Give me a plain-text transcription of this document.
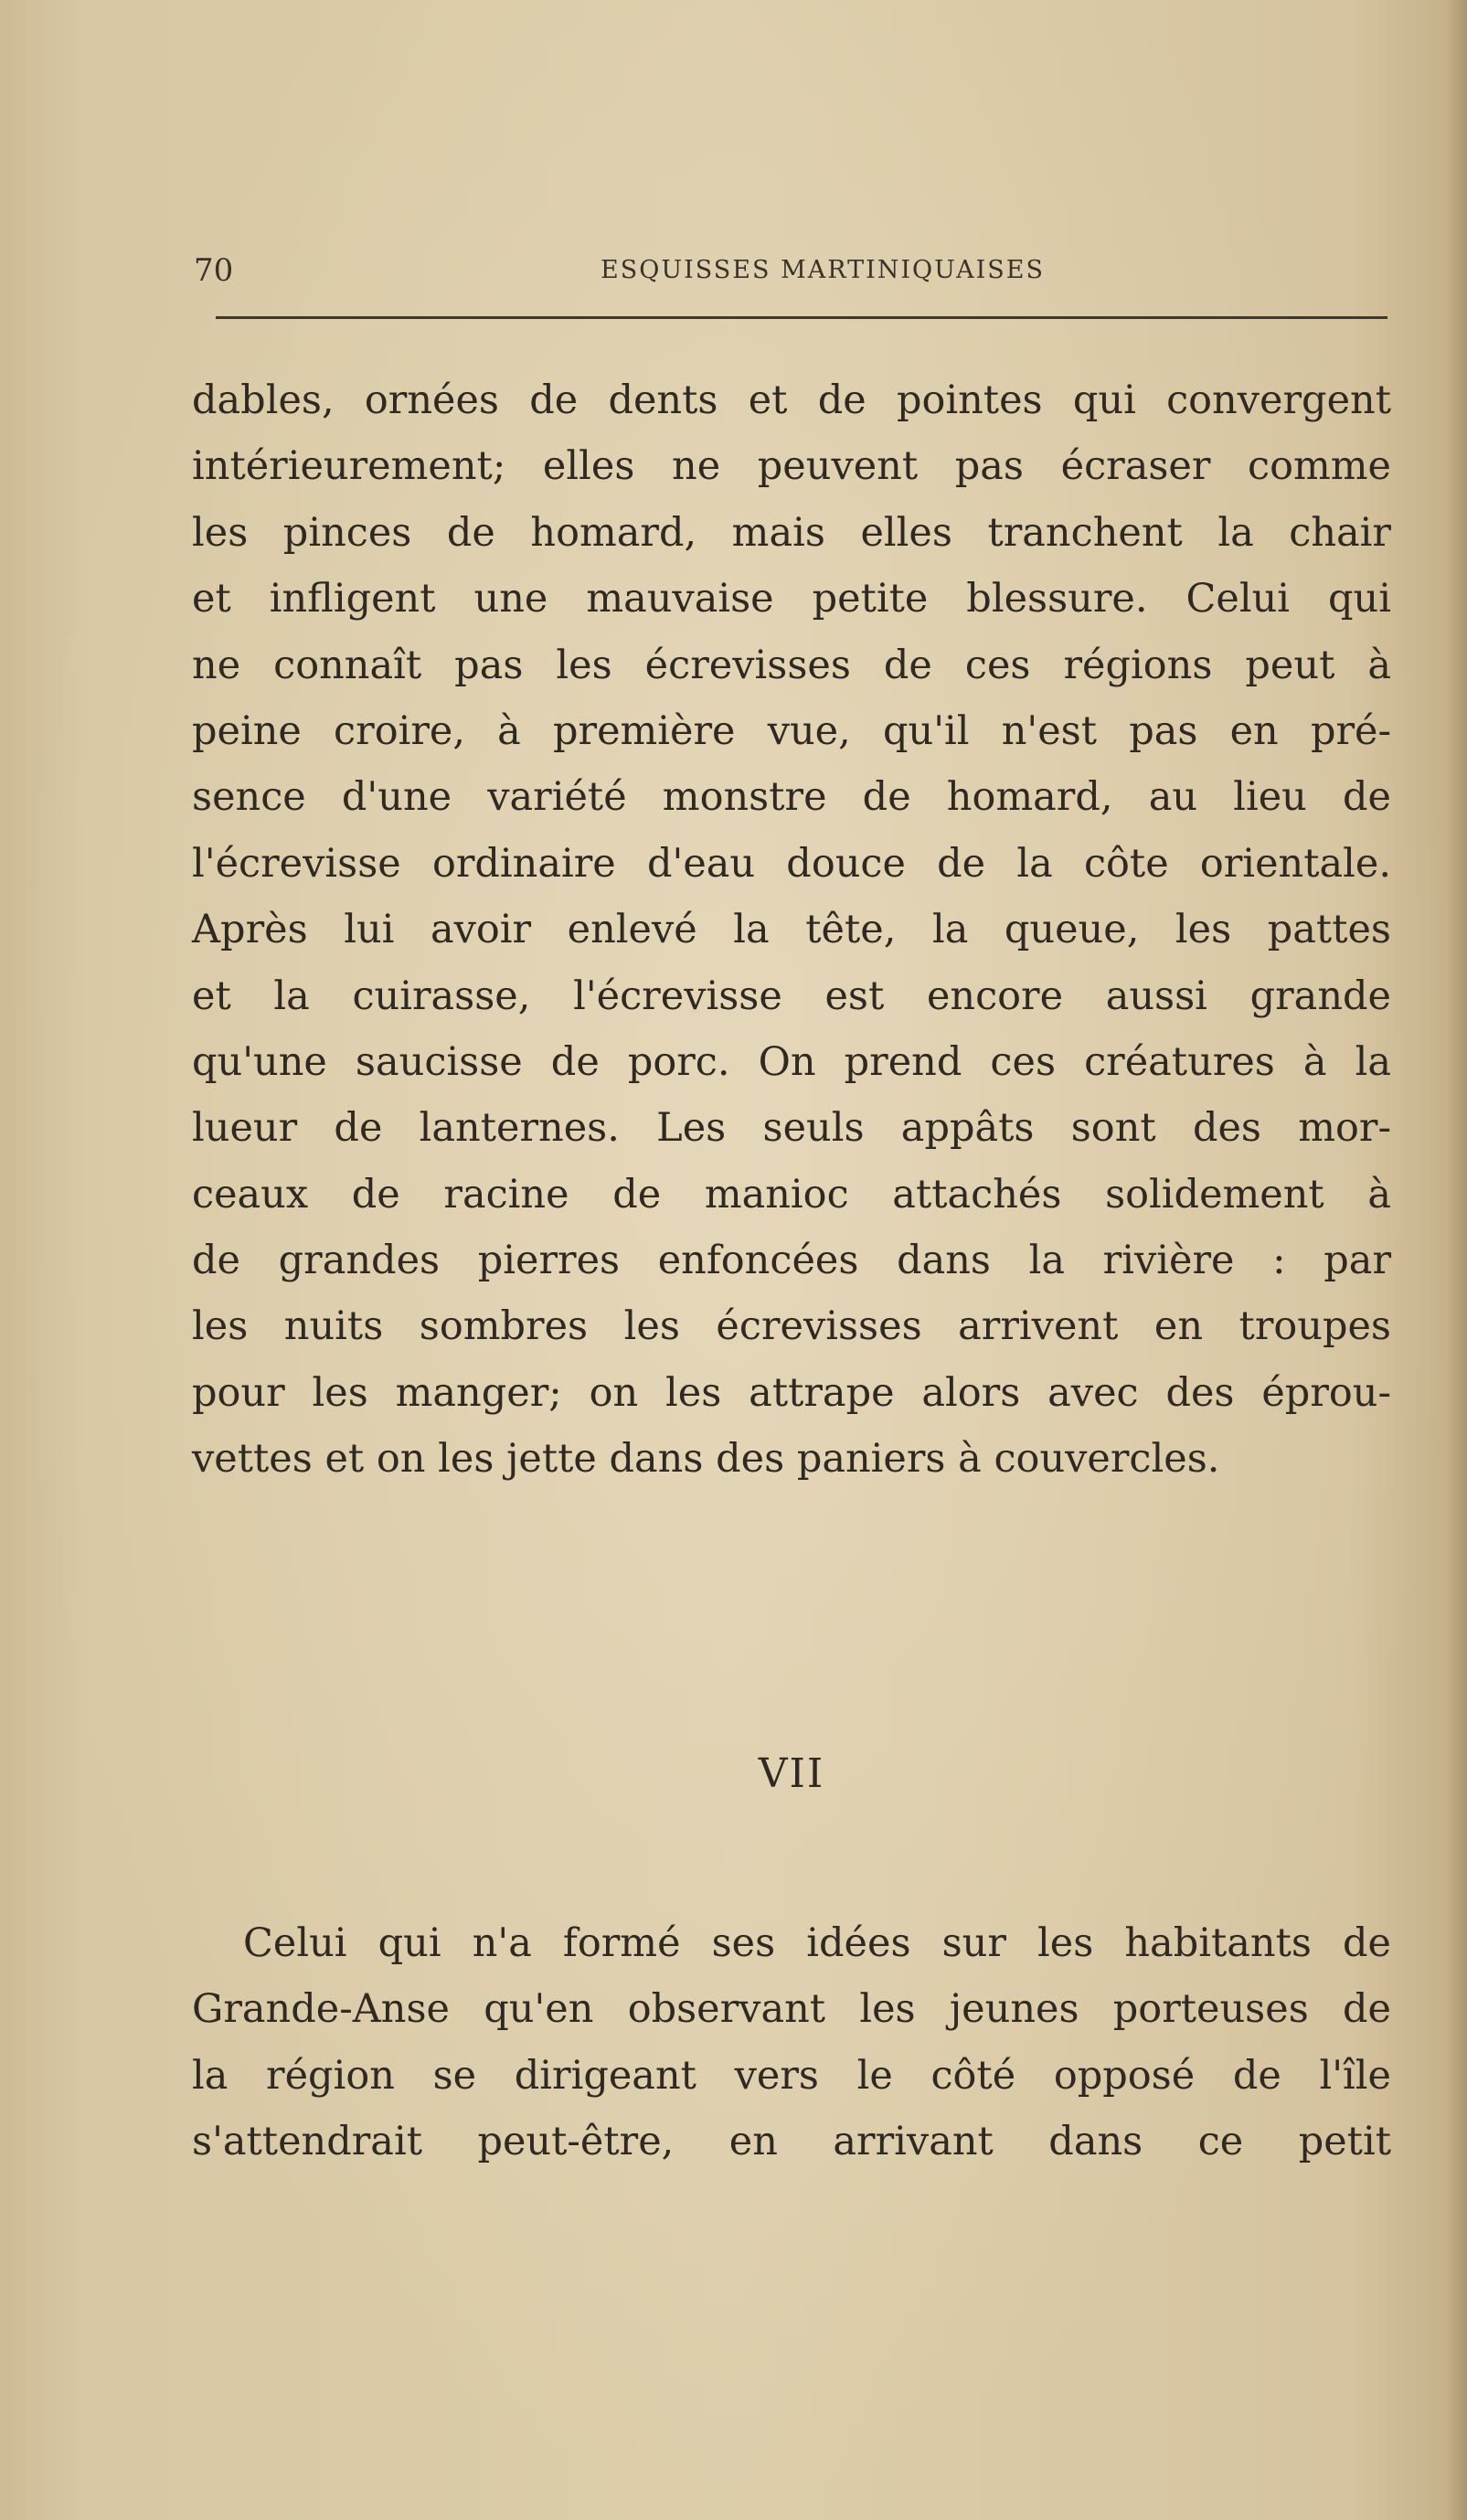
70	ESQUISSES MARTINIQUAISES
dables, ornées de dents et de pointes qui convergent
intérieurement; elles ne peuvent pas écraser comme
les pinces de homard, mais elles tranchent la chair
et infligent une mauvaise petite blessure. Celui qui
ne connaît pas les écrevisses de ces régions peut à
peine croire, à première vue, qu'il n'est pas en pré-
sence d'une variété monstre de homard, au lieu de
l'écrevisse ordinaire d'eau douce de la côte orientale.
Après lui avoir enlevé la tête, la queue, les pattes
et la cuirasse, l'écrevisse est encore aussi grande
qu'une saucisse de porc. On prend ces créatures à la
lueur de lanternes. Les seuls appâts sont des mor-
ceaux de racine de manioc attachés solidement à
de grandes pierres enfoncées dans la rivière : par
les nuits sombres les écrevisses arrivent en troupes
pour les manger; on les attrape alors avec des éprou-
vettes et on les jette dans des paniers à couvercles.
VII
Celui qui n'a formé ses idées sur les habitants de
Grande-Anse qu'en observant les jeunes porteuses de
la région se dirigeant vers le côté opposé de l'île
s'attendrait peut-être, en arrivant dans ce petit
